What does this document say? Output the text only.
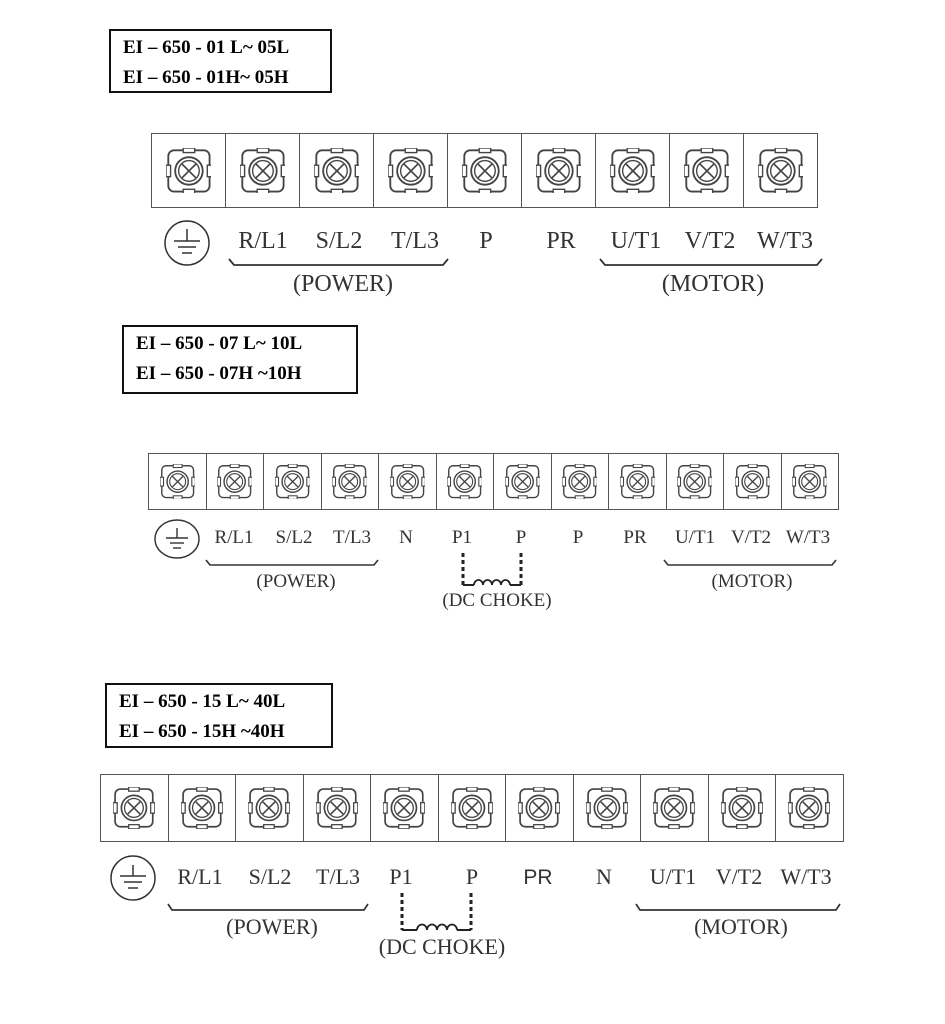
EI – 650 - 01 L~ 05L
EI – 650 - 01H~ 05H
R/L1 S/L2 T/L3 P PR U/T1 V/T2 W/T3
(POWER)	(MOTOR)
EI – 650 - 07 L~ 10L
EI – 650 - 07H ~10H
R/L1 S/L2 T/L3 N P1 P P PR U/T1 V/T2 W/T3
(POWER)	(MOTOR)
(DC CHOKE)
EI – 650 - 15 L~ 40L
EI – 650 - 15H ~40H
R/L1 S/L2 T/L3 P1 P PR N U/T1 V/T2 W/T3
(POWER)	(MOTOR)
(DC CHOKE)
